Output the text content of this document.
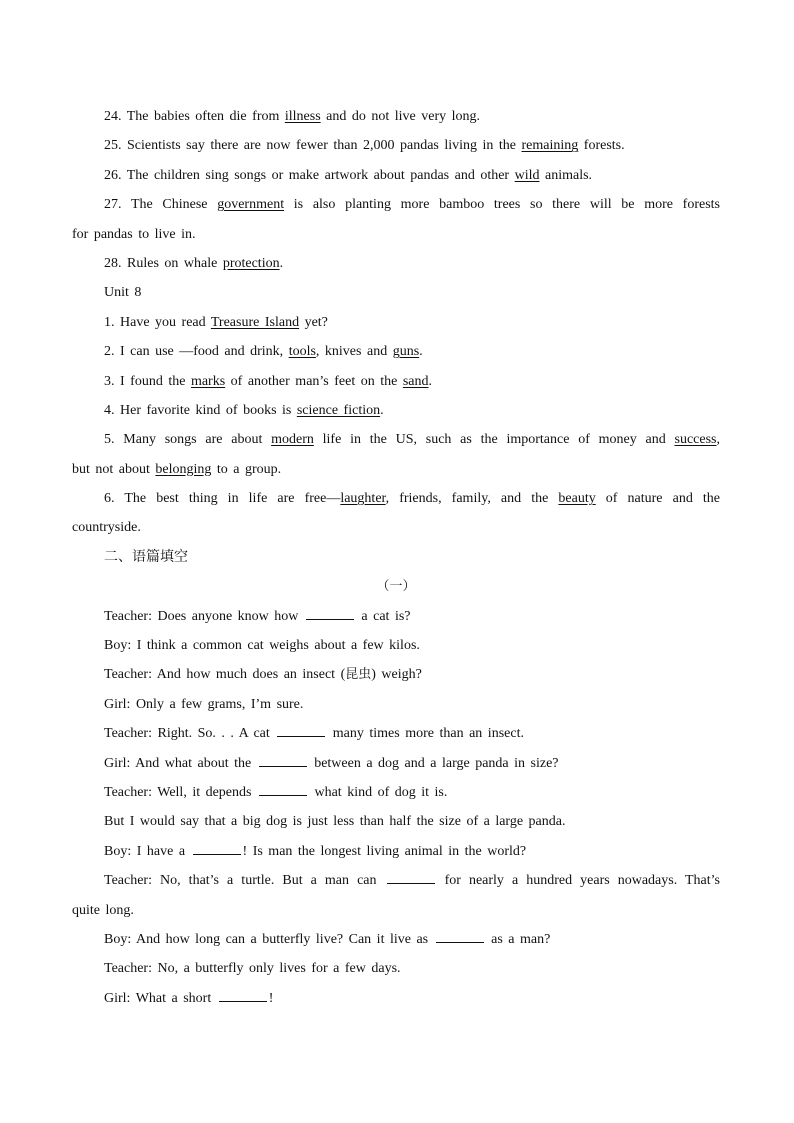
24. The babies often die from illness and do not live very long.
25. Scientists say there are now fewer than 2,000 pandas living in the remaining forests.
26. The children sing songs or make artwork about pandas and other wild animals.
27. The Chinese government is also planting more bamboo trees so there will be more forests
for pandas to live in.
28. Rules on whale protection.
Unit 8
1. Have you read Treasure Island yet?
2. I can use —food and drink, tools, knives and guns.
3. I found the marks of another man’s feet on the sand.
4. Her favorite kind of books is science fiction.
5. Many songs are about modern life in the US, such as the importance of money and success,
but not about belonging to a group.
6. The best thing in life are free—laughter, friends, family, and the beauty of nature and the
countryside.
二、语篇填空
（一）
Teacher: Does anyone know how	a cat is?
Boy: I think a common cat weighs about a few kilos.
Teacher: And how much does an insect (昆虫) weigh?
Girl: Only a few grams, I’m sure.
Teacher: Right. So. . . A cat	many times more than an insect.
Girl: And what about the	between a dog and a large panda in size?
Teacher: Well, it depends	what kind of dog it is.
But I would say that a big dog is just less than half the size of a large panda.
Boy: I have a	! Is man the longest living animal in the world?
Teacher: No, that’s a turtle. But a man can	for nearly a hundred years nowadays. That’s
quite long.
Boy: And how long can a butterfly live? Can it live as	as a man?
Teacher: No, a butterfly only lives for a few days.
Girl: What a short	!
